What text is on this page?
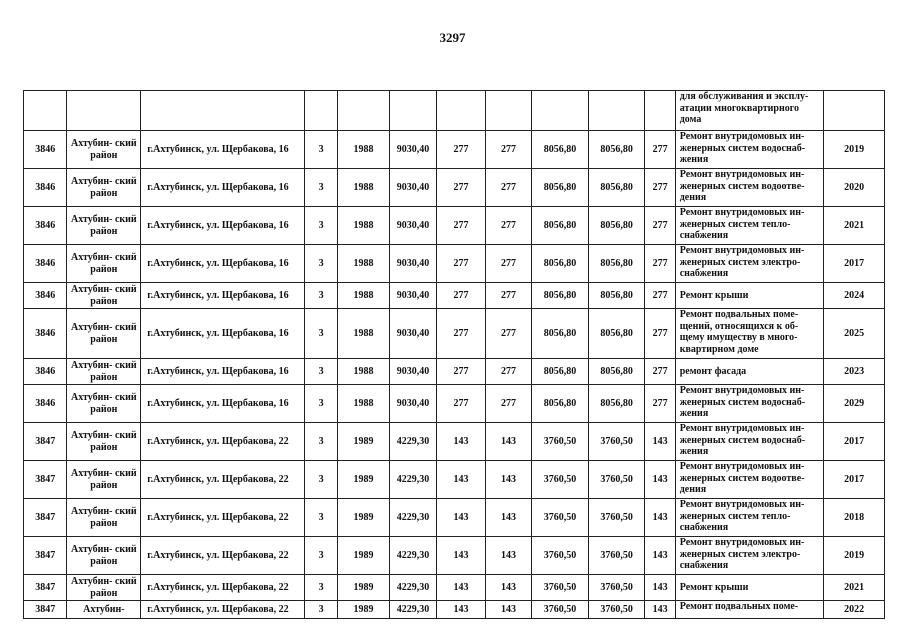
3297
											для обслуживания и эксплу- атации многоквартирного дома	
3846	Ахтубин- ский район	г.Ахтубинск, ул. Щербакова, 16	3	1988	9030,40	277	277	8056,80	8056,80	277	Ремонт внутридомовых ин- женерных систем водоснаб- жения	2019
3846	Ахтубин- ский район	г.Ахтубинск, ул. Щербакова, 16	3	1988	9030,40	277	277	8056,80	8056,80	277	Ремонт внутридомовых ин- женерных систем водоотве- дения	2020
3846	Ахтубин- ский район	г.Ахтубинск, ул. Щербакова, 16	3	1988	9030,40	277	277	8056,80	8056,80	277	Ремонт внутридомовых ин- женерных систем тепло- снабжения	2021
3846	Ахтубин- ский район	г.Ахтубинск, ул. Щербакова, 16	3	1988	9030,40	277	277	8056,80	8056,80	277	Ремонт внутридомовых ин- женерных систем электро- снабжения	2017
3846	Ахтубин- ский район	г.Ахтубинск, ул. Щербакова, 16	3	1988	9030,40	277	277	8056,80	8056,80	277	Ремонт крыши	2024
3846	Ахтубин- ский район	г.Ахтубинск, ул. Щербакова, 16	3	1988	9030,40	277	277	8056,80	8056,80	277	Ремонт подвальных поме- щений, относящихся к об- щему имуществу в много- квартирном доме	2025
3846	Ахтубин- ский район	г.Ахтубинск, ул. Щербакова, 16	3	1988	9030,40	277	277	8056,80	8056,80	277	ремонт фасада	2023
3846	Ахтубин- ский район	г.Ахтубинск, ул. Щербакова, 16	3	1988	9030,40	277	277	8056,80	8056,80	277	Ремонт внутридомовых ин- женерных систем водоснаб- жения	2029
3847	Ахтубин- ский район	г.Ахтубинск, ул. Щербакова, 22	3	1989	4229,30	143	143	3760,50	3760,50	143	Ремонт внутридомовых ин- женерных систем водоснаб- жения	2017
3847	Ахтубин- ский район	г.Ахтубинск, ул. Щербакова, 22	3	1989	4229,30	143	143	3760,50	3760,50	143	Ремонт внутридомовых ин- женерных систем водоотве- дения	2017
3847	Ахтубин- ский район	г.Ахтубинск, ул. Щербакова, 22	3	1989	4229,30	143	143	3760,50	3760,50	143	Ремонт внутридомовых ин- женерных систем тепло- снабжения	2018
3847	Ахтубин- ский район	г.Ахтубинск, ул. Щербакова, 22	3	1989	4229,30	143	143	3760,50	3760,50	143	Ремонт внутридомовых ин- женерных систем электро- снабжения	2019
3847	Ахтубин- ский район	г.Ахтубинск, ул. Щербакова, 22	3	1989	4229,30	143	143	3760,50	3760,50	143	Ремонт крыши	2021
3847	Ахтубин-	г.Ахтубинск, ул. Щербакова, 22	3	1989	4229,30	143	143	3760,50	3760,50	143	Ремонт подвальных поме-	2022
